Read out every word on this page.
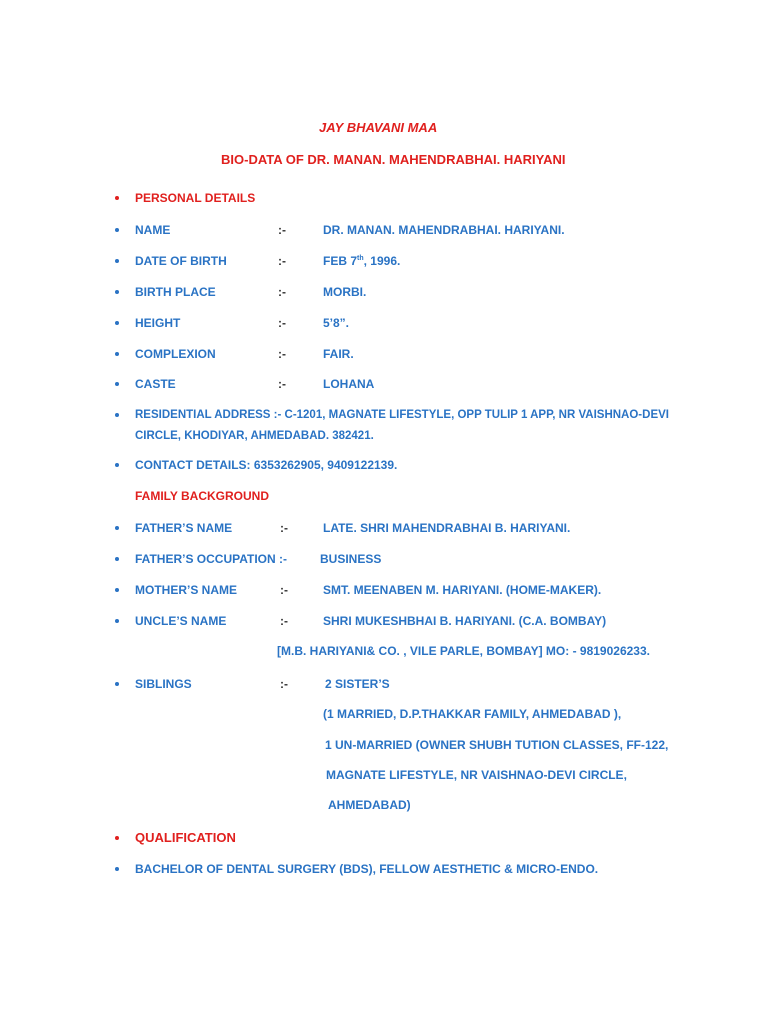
JAY BHAVANI MAA
BIO-DATA OF DR. MANAN. MAHENDRABHAI. HARIYANI
PERSONAL DETAILS
NAME	:-	DR. MANAN. MAHENDRABHAI. HARIYANI.
DATE OF BIRTH	:-	FEB 7th, 1996.
BIRTH PLACE	:-	MORBI.
HEIGHT	:-	5’8”.
COMPLEXION	:-	FAIR.
CASTE	:-	LOHANA
RESIDENTIAL ADDRESS :- C-1201, MAGNATE LIFESTYLE, OPP TULIP 1 APP, NR VAISHNAO-DEVI
CIRCLE, KHODIYAR, AHMEDABAD. 382421.
CONTACT DETAILS: 6353262905, 9409122139.
FAMILY BACKGROUND
FATHER’S NAME	:-	LATE. SHRI MAHENDRABHAI B. HARIYANI.
FATHER’S OCCUPATION :-	BUSINESS
MOTHER’S NAME	:-	SMT. MEENABEN M. HARIYANI. (HOME-MAKER).
UNCLE’S NAME	:-	SHRI MUKESHBHAI B. HARIYANI. (C.A. BOMBAY)
[M.B. HARIYANI& CO. , VILE PARLE, BOMBAY] MO: - 9819026233.
SIBLINGS	:-	2 SISTER’S
(1 MARRIED, D.P.THAKKAR FAMILY, AHMEDABAD ),
1 UN-MARRIED (OWNER SHUBH TUTION CLASSES, FF-122,
MAGNATE LIFESTYLE, NR VAISHNAO-DEVI CIRCLE,
AHMEDABAD)
QUALIFICATION
BACHELOR OF DENTAL SURGERY (BDS), FELLOW AESTHETIC & MICRO-ENDO.
